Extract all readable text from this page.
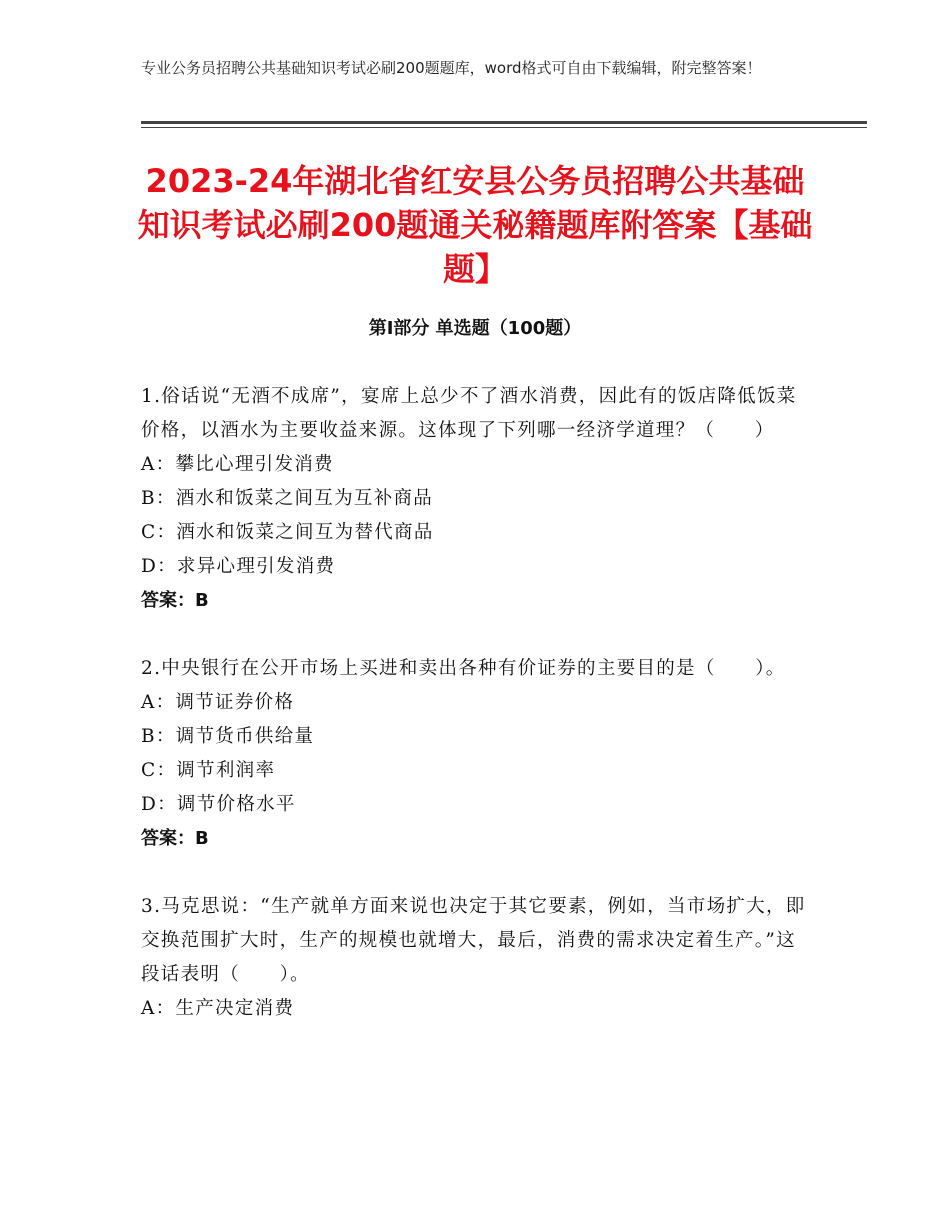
专业公务员招聘公共基础知识考试必刷200题题库，word格式可自由下载编辑，附完整答案！
2023-24年湖北省红安县公务员招聘公共基础知识考试必刷200题通关秘籍题库附答案【基础题】
第Ⅰ部分 单选题（100题）

1.俗话说“无酒不成席”，宴席上总少不了酒水消费，因此有的饭店降低饭菜价格，以酒水为主要收益来源。这体现了下列哪一经济学道理？（　　）

A：攀比心理引发消费

B：酒水和饭菜之间互为互补商品

C：酒水和饭菜之间互为替代商品

D：求异心理引发消费

答案：B

2.中央银行在公开市场上买进和卖出各种有价证券的主要目的是（　　）。

A：调节证券价格

B：调节货币供给量

C：调节利润率

D：调节价格水平

答案：B

3.马克思说：“生产就单方面来说也决定于其它要素，例如，当市场扩大，即交换范围扩大时，生产的规模也就增大，最后，消费的需求决定着生产。”这段话表明（　　）。

A：生产决定消费
